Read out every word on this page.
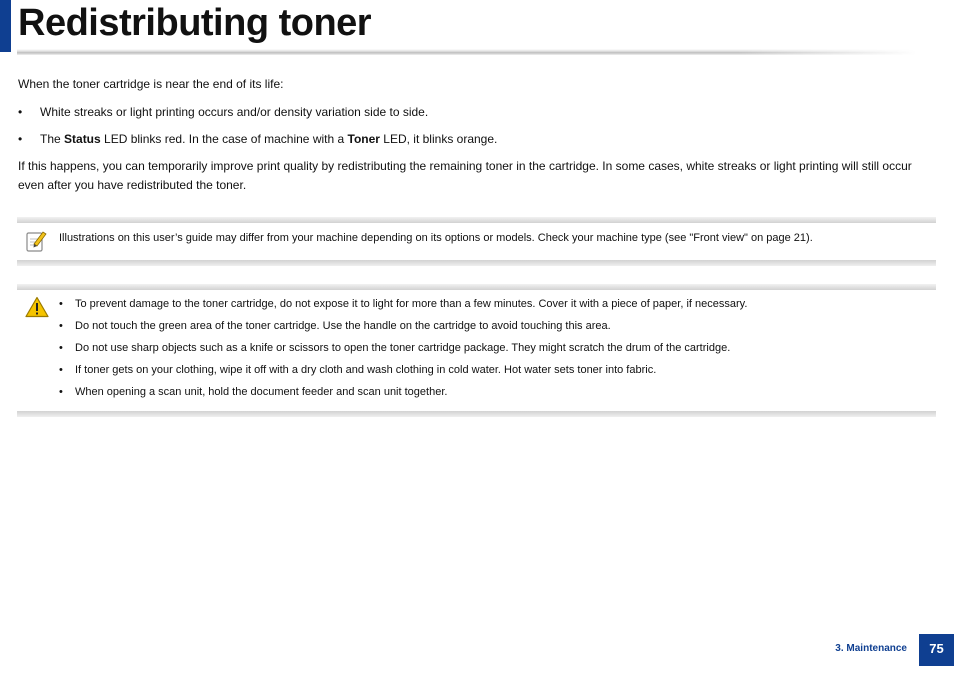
Redistributing toner

When the toner cartridge is near the end of its life:

• White streaks or light printing occurs and/or density variation side to side.
• The Status LED blinks red. In the case of machine with a Toner LED, it blinks orange.

If this happens, you can temporarily improve print quality by redistributing the remaining toner in the cartridge. In some cases, white streaks or light printing will still occur even after you have redistributed the toner.

Illustrations on this user’s guide may differ from your machine depending on its options or models. Check your machine type (see "Front view" on page 21).
• To prevent damage to the toner cartridge, do not expose it to light for more than a few minutes. Cover it with a piece of paper, if necessary.
• Do not touch the green area of the toner cartridge. Use the handle on the cartridge to avoid touching this area.
• Do not use sharp objects such as a knife or scissors to open the toner cartridge package. They might scratch the drum of the cartridge.
• If toner gets on your clothing, wipe it off with a dry cloth and wash clothing in cold water. Hot water sets toner into fabric.
• When opening a scan unit, hold the document feeder and scan unit together.
3. Maintenance	75
